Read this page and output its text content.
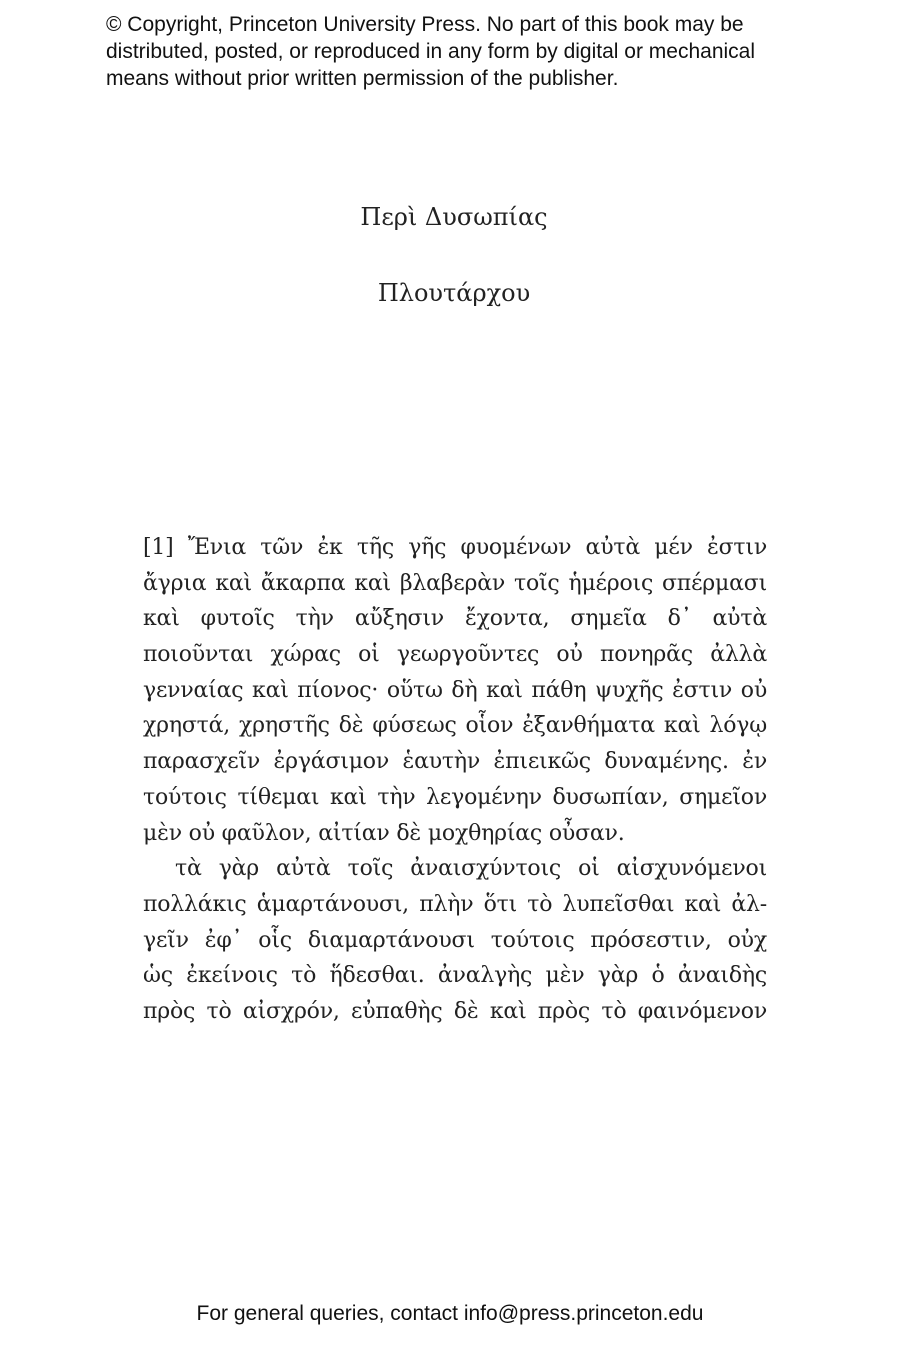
© Copyright, Princeton University Press. No part of this book may be
distributed, posted, or reproduced in any form by digital or mechanical
means without prior written permission of the publisher.
Περὶ Δυσωπίας
Πλουτάρχου
[1] Ἔνια τῶν ἐκ τῆς γῆς φυομένων αὐτὰ μέν ἐστιν
ἄγρια καὶ ἄκαρπα καὶ βλαβερὰν τοῖς ἡμέροις σπέρμασι
καὶ φυτοῖς τὴν αὔξησιν ἔχοντα, σημεῖα δ᾽ αὐτὰ
ποιοῦνται χώρας οἱ γεωργοῦντες οὐ πονηρᾶς ἀλλὰ
γενναίας καὶ πίονος· οὕτω δὴ καὶ πάθη ψυχῆς ἐστιν οὐ
χρηστά, χρηστῆς δὲ φύσεως οἷον ἐξανθήματα καὶ λόγῳ
παρασχεῖν ἐργάσιμον ἑαυτὴν ἐπιεικῶς δυναμένης. ἐν
τούτοις τίθεμαι καὶ τὴν λεγομένην δυσωπίαν, σημεῖον
μὲν οὐ φαῦλον, αἰτίαν δὲ μοχθηρίας οὖσαν.
τὰ γὰρ αὐτὰ τοῖς ἀναισχύντοις οἱ αἰσχυνόμενοι
πολλάκις ἁμαρτάνουσι, πλὴν ὅτι τὸ λυπεῖσθαι καὶ ἀλ-
γεῖν ἐφ᾽ οἷς διαμαρτάνουσι τούτοις πρόσεστιν, οὐχ
ὡς ἐκείνοις τὸ ἥδεσθαι. ἀναλγὴς μὲν γὰρ ὁ ἀναιδὴς
πρὸς τὸ αἰσχρόν, εὐπαθὴς δὲ καὶ πρὸς τὸ φαινόμενον
For general queries, contact info@press.princeton.edu
